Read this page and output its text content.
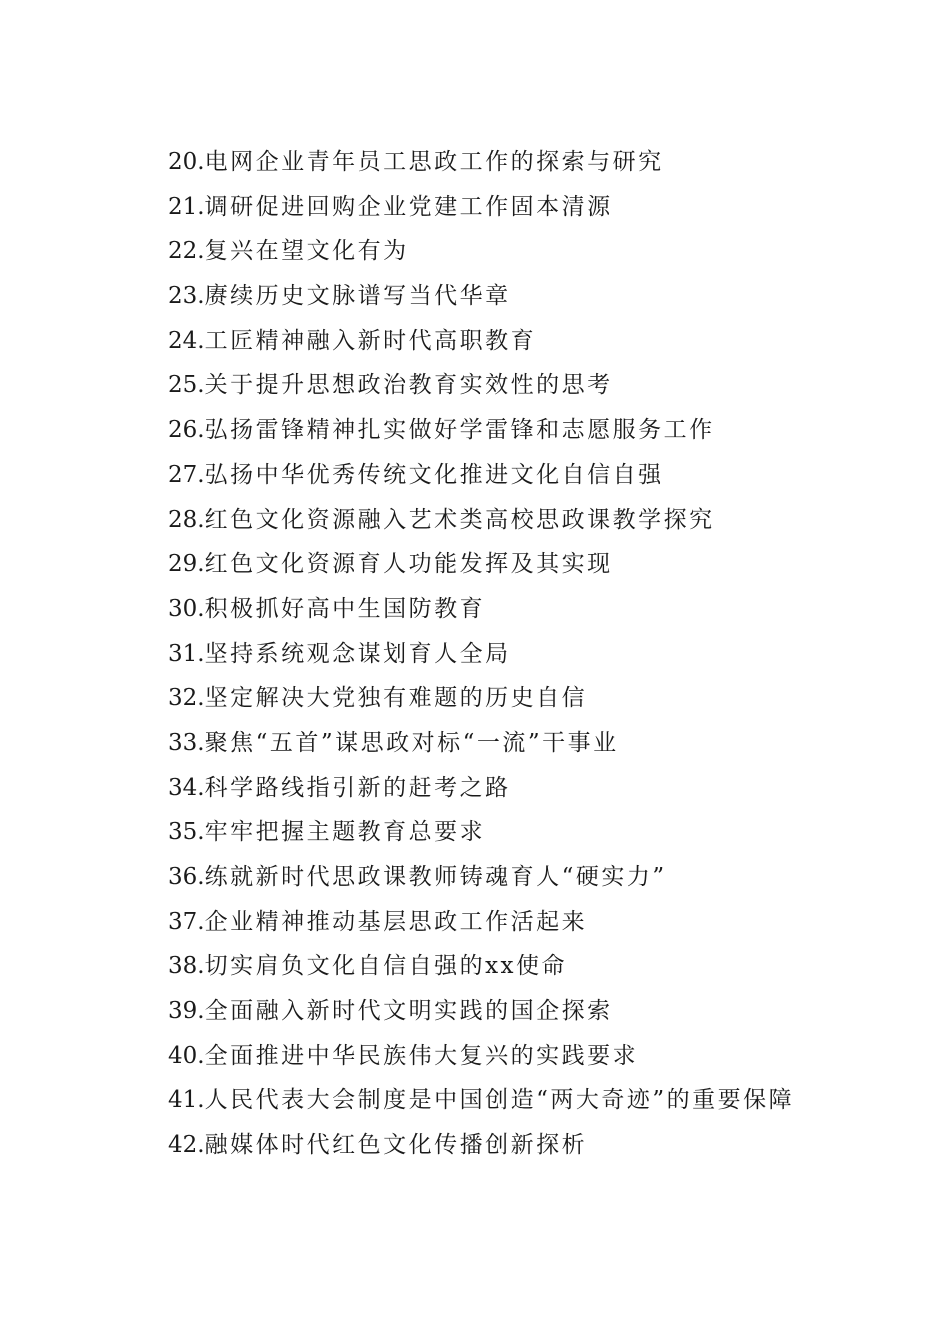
20.电网企业青年员工思政工作的探索与研究
21.调研促进回购企业党建工作固本清源
22.复兴在望文化有为
23.赓续历史文脉谱写当代华章
24.工匠精神融入新时代高职教育
25.关于提升思想政治教育实效性的思考
26.弘扬雷锋精神扎实做好学雷锋和志愿服务工作
27.弘扬中华优秀传统文化推进文化自信自强
28.红色文化资源融入艺术类高校思政课教学探究
29.红色文化资源育人功能发挥及其实现
30.积极抓好高中生国防教育
31.坚持系统观念谋划育人全局
32.坚定解决大党独有难题的历史自信
33.聚焦“五首”谋思政对标“一流”干事业
34.科学路线指引新的赶考之路
35.牢牢把握主题教育总要求
36.练就新时代思政课教师铸魂育人“硬实力”
37.企业精神推动基层思政工作活起来
38.切实肩负文化自信自强的xx使命
39.全面融入新时代文明实践的国企探索
40.全面推进中华民族伟大复兴的实践要求
41.人民代表大会制度是中国创造“两大奇迹”的重要保障
42.融媒体时代红色文化传播创新探析
